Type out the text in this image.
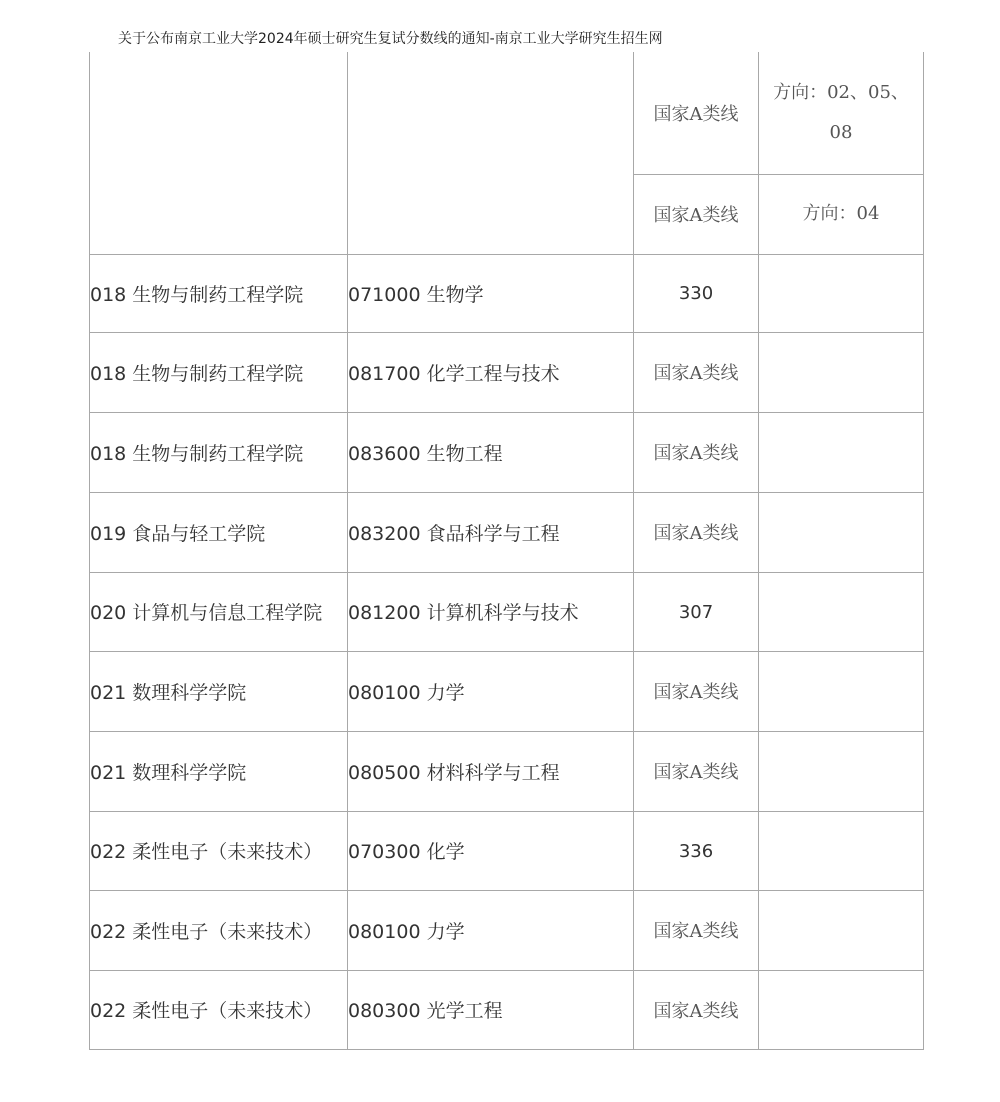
关于公布南京工业大学2024年硕士研究生复试分数线的通知-南京工业大学研究生招生网
		国家A类线	方向：02、05、08
		国家A类线	方向：04
018 生物与制药工程学院	071000 生物学	330	
018 生物与制药工程学院	081700 化学工程与技术	国家A类线	
018 生物与制药工程学院	083600 生物工程	国家A类线	
019 食品与轻工学院	083200 食品科学与工程	国家A类线	
020 计算机与信息工程学院	081200 计算机科学与技术	307	
021 数理科学学院	080100 力学	国家A类线	
021 数理科学学院	080500 材料科学与工程	国家A类线	
022 柔性电子（未来技术）	070300 化学	336	
022 柔性电子（未来技术）	080100 力学	国家A类线	
022 柔性电子（未来技术）	080300 光学工程	国家A类线	
